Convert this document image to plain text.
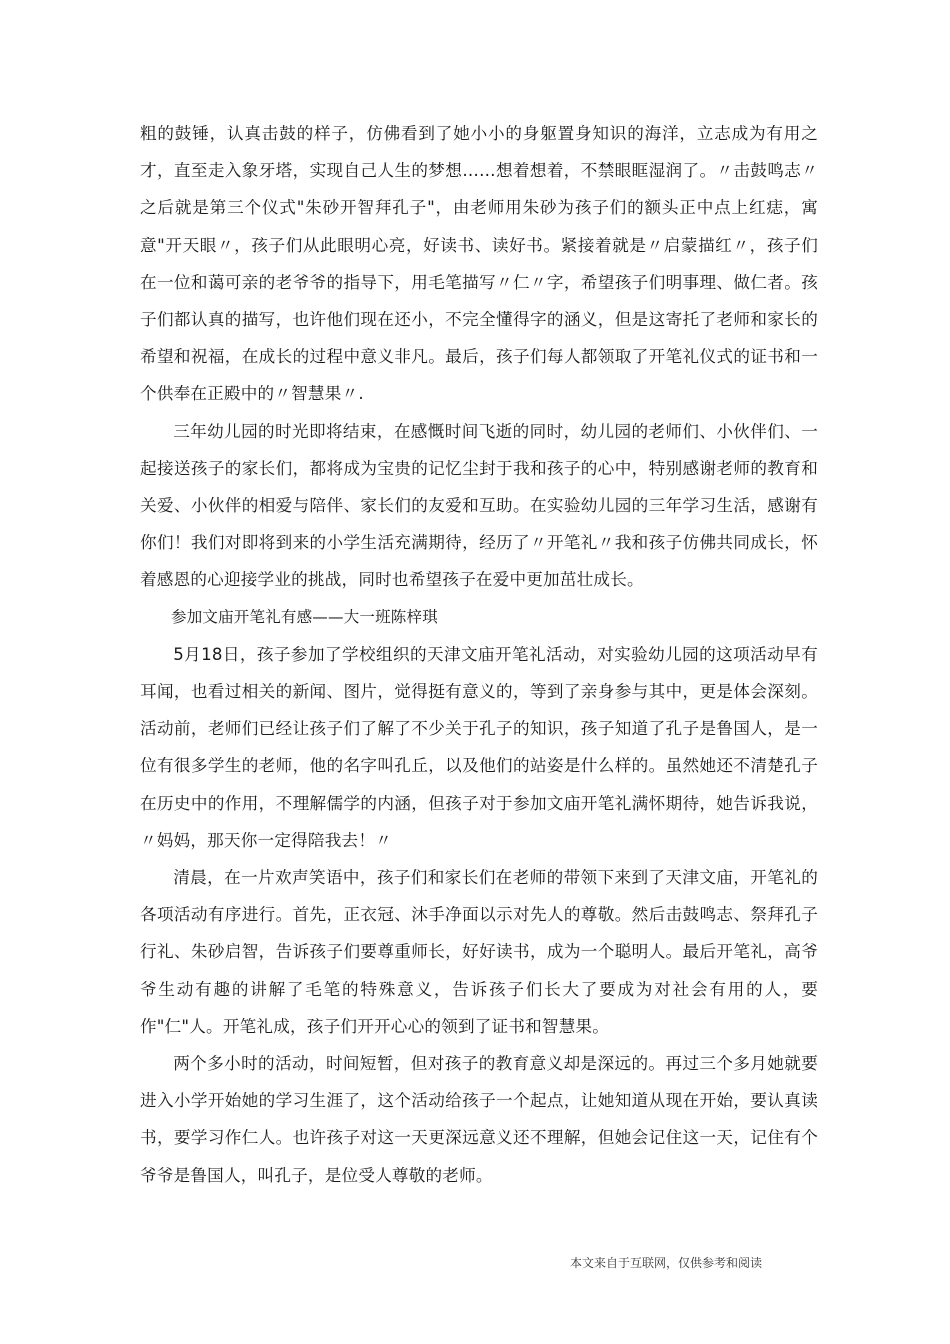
粗的鼓锤，认真击鼓的样子，仿佛看到了她小小的身躯置身知识的海洋，立志成为有用之才，直至走入象牙塔，实现自己人生的梦想……想着想着，不禁眼眶湿润了。〃击鼓鸣志〃之后就是第三个仪式"朱砂开智拜孔子"，由老师用朱砂为孩子们的额头正中点上红痣，寓意"开天眼〃，孩子们从此眼明心亮，好读书、读好书。紧接着就是〃启蒙描红〃，孩子们在一位和蔼可亲的老爷爷的指导下，用毛笔描写〃仁〃字，希望孩子们明事理、做仁者。孩子们都认真的描写，也许他们现在还小，不完全懂得字的涵义，但是这寄托了老师和家长的希望和祝福，在成长的过程中意义非凡。最后，孩子们每人都领取了开笔礼仪式的证书和一个供奉在正殿中的〃智慧果〃.

三年幼儿园的时光即将结束，在感慨时间飞逝的同时，幼儿园的老师们、小伙伴们、一起接送孩子的家长们，都将成为宝贵的记忆尘封于我和孩子的心中，特别感谢老师的教育和关爱、小伙伴的相爱与陪伴、家长们的友爱和互助。在实验幼儿园的三年学习生活，感谢有你们！我们对即将到来的小学生活充满期待，经历了〃开笔礼〃我和孩子仿佛共同成长，怀着感恩的心迎接学业的挑战，同时也希望孩子在爱中更加茁壮成长。

参加文庙开笔礼有感——大一班陈梓琪

5月18日，孩子参加了学校组织的天津文庙开笔礼活动，对实验幼儿园的这项活动早有耳闻，也看过相关的新闻、图片，觉得挺有意义的，等到了亲身参与其中，更是体会深刻。活动前，老师们已经让孩子们了解了不少关于孔子的知识，孩子知道了孔子是鲁国人，是一位有很多学生的老师，他的名字叫孔丘，以及他们的站姿是什么样的。虽然她还不清楚孔子在历史中的作用，不理解儒学的内涵，但孩子对于参加文庙开笔礼满怀期待，她告诉我说，〃妈妈，那天你一定得陪我去！〃

清晨，在一片欢声笑语中，孩子们和家长们在老师的带领下来到了天津文庙，开笔礼的各项活动有序进行。首先，正衣冠、沐手净面以示对先人的尊敬。然后击鼓鸣志、祭拜孔子行礼、朱砂启智，告诉孩子们要尊重师长，好好读书，成为一个聪明人。最后开笔礼，高爷爷生动有趣的讲解了毛笔的特殊意义，告诉孩子们长大了要成为对社会有用的人，要作"仁"人。开笔礼成，孩子们开开心心的领到了证书和智慧果。

两个多小时的活动，时间短暂，但对孩子的教育意义却是深远的。再过三个多月她就要进入小学开始她的学习生涯了，这个活动给孩子一个起点，让她知道从现在开始，要认真读书，要学习作仁人。也许孩子对这一天更深远意义还不理解，但她会记住这一天，记住有个爷爷是鲁国人，叫孔子，是位受人尊敬的老师。

本文来自于互联网，仅供参考和阅读
